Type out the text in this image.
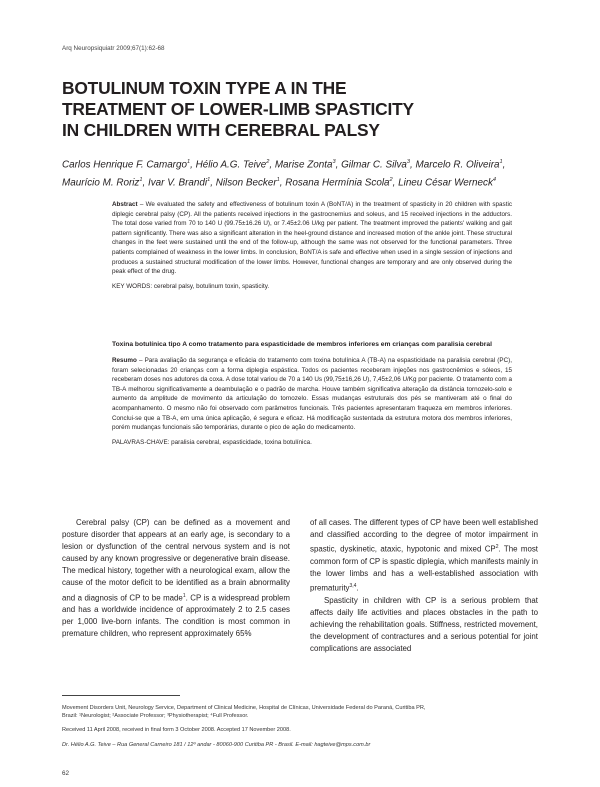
Arq Neuropsiquiatr 2009;67(1):62-68
BOTULINUM TOXIN TYPE A IN THE
TREATMENT OF LOWER-LIMB SPASTICITY
IN CHILDREN WITH CEREBRAL PALSY
Carlos Henrique F. Camargo$^1$, Hélio A.G. Teive$^2$, Marise Zonta$^3$, Gilmar C. Silva$^3$, Marcelo R. Oliveira$^1$,
Maurício M. Roriz$^1$, Ivar V. Brandi$^1$, Nilson Becker$^1$, Rosana Hermínia Scola$^2$, Lineu César Werneck$^4$
Abstract – We evaluated the safety and effectiveness of botulinum toxin A (BoNT/A) in the treatment of spasticity in 20 children with spastic diplegic cerebral palsy (CP). All the patients received injections in the gastrocnemius and soleus, and 15 received injections in the adductors. The total dose varied from 70 to 140 U (99.75±16.26 U), or 7.45±2.06 U/kg per patient. The treatment improved the patients' walking and gait pattern significantly. There was also a significant alteration in the heel-ground distance and increased motion of the ankle joint. These structural changes in the feet were sustained until the end of the follow-up, although the same was not observed for the functional parameters. Three patients complained of weakness in the lower limbs. In conclusion, BoNT/A is safe and effective when used in a single session of injections and produces a sustained structural modification of the lower limbs. However, functional changes are temporary and are only observed during the peak effect of the drug.
KEY WORDS: cerebral palsy, botulinum toxin, spasticity.
Toxina botulínica tipo A como tratamento para espasticidade de membros inferiores em crianças com paralisia cerebral
Resumo – Para avaliação da segurança e eficácia do tratamento com toxina botulínica A (TB-A) na espasticidade na paralisia cerebral (PC), foram selecionadas 20 crianças com a forma diplegia espástica. Todos os pacientes receberam injeções nos gastrocnêmios e sóleos, 15 receberam doses nos adutores da coxa. A dose total variou de 70 a 140 Us (99,75±16,26 U), 7,45±2,06 U/Kg por paciente. O tratamento com a TB-A melhorou significativamente a deambulação e o padrão de marcha. Houve também significativa alteração da distância tornozelo-solo e aumento da amplitude de movimento da articulação do tornozelo. Essas mudanças estruturais dos pés se mantiveram até o final do acompanhamento. O mesmo não foi observado com parâmetros funcionais. Três pacientes apresentaram fraqueza em membros inferiores. Conclui-se que a TB-A, em uma única aplicação, é segura e eficaz. Há modificação sustentada da estrutura motora dos membros inferiores, porém mudanças funcionais são temporárias, durante o pico de ação do medicamento.
PALAVRAS-CHAVE: paralisia cerebral, espasticidade, toxina botulínica.

Cerebral palsy (CP) can be defined as a movement and posture disorder that appears at an early age, is secondary to a lesion or dysfunction of the central nervous system and is not caused by any known progressive or degenerative brain disease. The medical history, together with a neurological exam, allow the cause of the motor deficit to be identified as a brain abnormality and a diagnosis of CP to be made$^1$. CP is a widespread problem and has a worldwide incidence of approximately 2 to 2.5 cases per 1,000 live-born infants. The condition is most common in premature children, who represent approximately 65%

of all cases. The different types of CP have been well established and classified according to the degree of motor impairment in spastic, dyskinetic, ataxic, hypotonic and mixed $CP^2$. The most common form of CP is spastic diplegia, which manifests mainly in the lower limbs and has a well-established association with prematurity$^{3,4}$.

Spasticity in children with CP is a serious problem that affects daily life activities and places obstacles in the path to achieving the rehabilitation goals. Stiffness, restricted movement, the development of contractures and a serious potential for joint complications are associated

Movement Disorders Unit, Neurology Service, Department of Clinical Medicine, Hospital de Clínicas, Universidade Federal do Paraná, Curitiba PR,
Brazil: ¹Neurologist; ²Associate Professor; ³Physiotherapist; ⁴Full Professor.
Received 11 April 2008, received in final form 3 October 2008. Accepted 17 November 2008.
Dr. Hélio A.G. Teive – Rua General Carneiro 181 / 12º andar - 80060-900 Curitiba PR - Brasil. E-mail: hagteive@mps.com.br
62
